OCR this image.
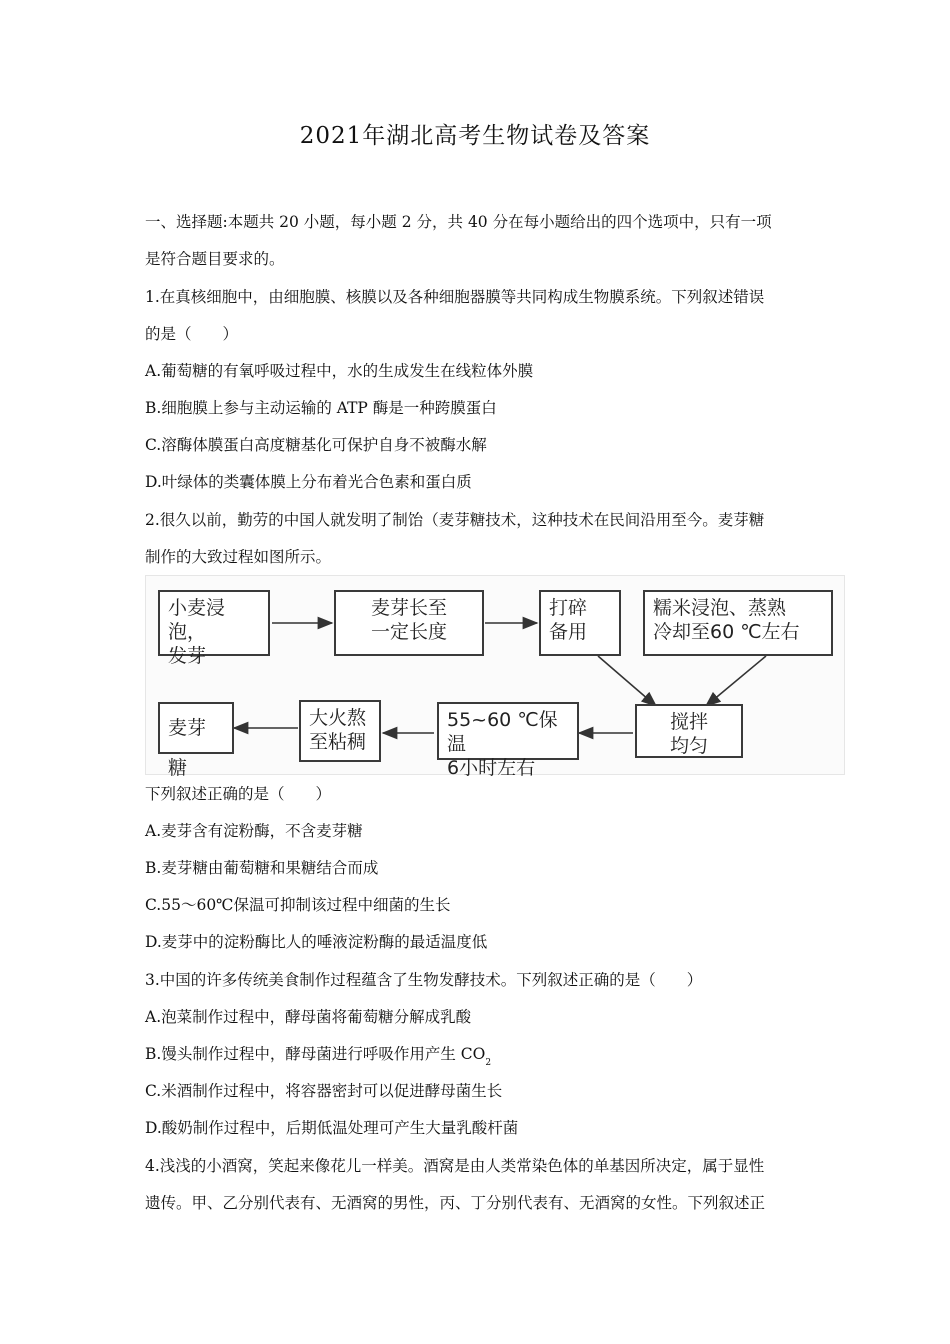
2021年湖北高考生物试卷及答案
一、选择题:本题共 20 小题，每小题 2 分，共 40 分在每小题给出的四个选项中，只有一项
是符合题目要求的。
1.在真核细胞中，由细胞膜、核膜以及各种细胞器膜等共同构成生物膜系统。下列叙述错误
的是（　　）
A.葡萄糖的有氧呼吸过程中，水的生成发生在线粒体外膜
B.细胞膜上参与主动运输的 ATP 酶是一种跨膜蛋白
C.溶酶体膜蛋白高度糖基化可保护自身不被酶水解
D.叶绿体的类囊体膜上分布着光合色素和蛋白质
2.很久以前，勤劳的中国人就发明了制饴（麦芽糖技术，这种技术在民间沿用至今。麦芽糖
制作的大致过程如图所示。
小麦浸泡，
发芽
麦芽长至
一定长度
打碎
备用
糯米浸泡、蒸熟
冷却至60 ℃左右
搅拌
均匀
55~60 ℃保温
6小时左右
大火熬
至粘稠
麦芽糖
下列叙述正确的是（　　）
A.麦芽含有淀粉酶，不含麦芽糖
B.麦芽糖由葡萄糖和果糖结合而成
C.55～60℃保温可抑制该过程中细菌的生长
D.麦芽中的淀粉酶比人的唾液淀粉酶的最适温度低
3.中国的许多传统美食制作过程蕴含了生物发酵技术。下列叙述正确的是（　　）
A.泡菜制作过程中，酵母菌将葡萄糖分解成乳酸
B.馒头制作过程中，酵母菌进行呼吸作用产生 $CO_2$
C.米酒制作过程中，将容器密封可以促进酵母菌生长
D.酸奶制作过程中，后期低温处理可产生大量乳酸杆菌
4.浅浅的小酒窝，笑起来像花儿一样美。酒窝是由人类常染色体的单基因所决定，属于显性
遗传。甲、乙分别代表有、无酒窝的男性，丙、丁分别代表有、无酒窝的女性。下列叙述正
